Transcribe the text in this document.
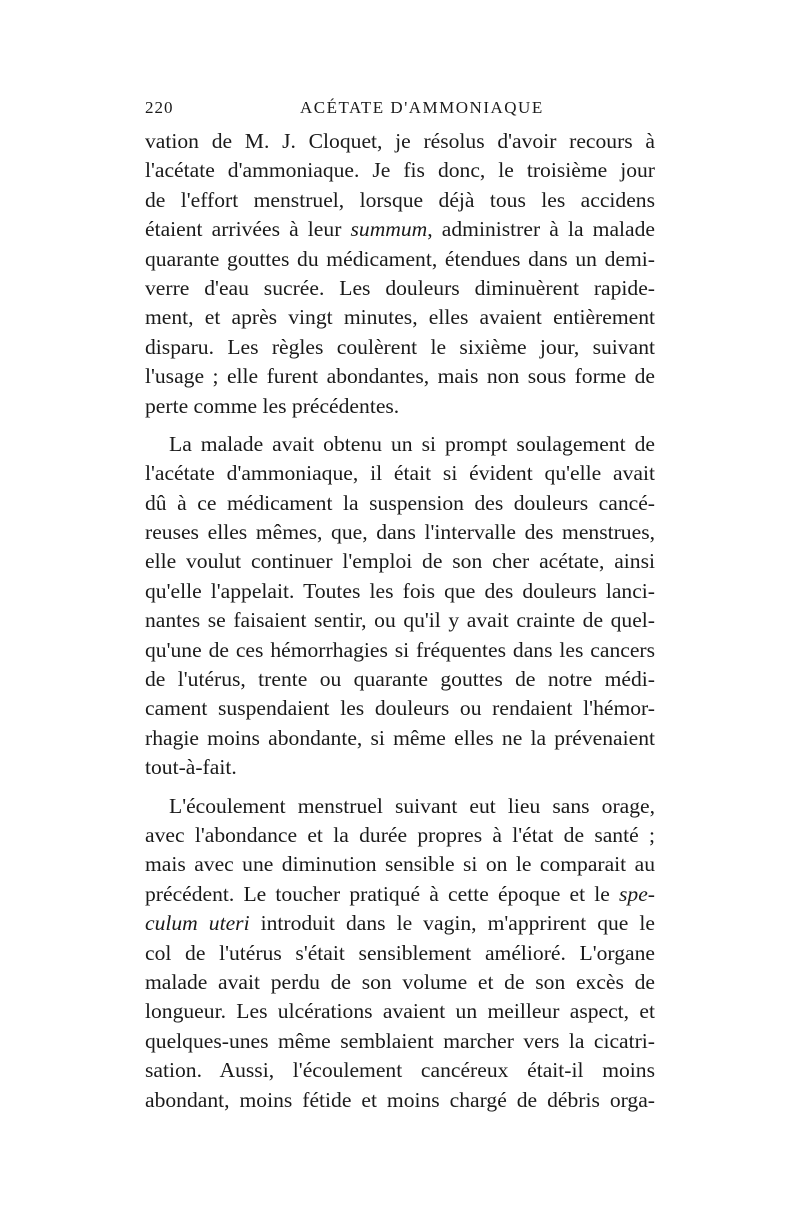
220	ACÉTATE D'AMMONIAQUE
vation de M. J. Cloquet, je résolus d'avoir recours à
l'acétate d'ammoniaque. Je fis donc, le troisième jour
de l'effort menstruel, lorsque déjà tous les accidens
étaient arrivées à leur summum, administrer à la malade
quarante gouttes du médicament, étendues dans un demi-
verre d'eau sucrée. Les douleurs diminuèrent rapide-
ment, et après vingt minutes, elles avaient entièrement
disparu. Les règles coulèrent le sixième jour, suivant
l'usage ; elle furent abondantes, mais non sous forme de
perte comme les précédentes.
La malade avait obtenu un si prompt soulagement de
l'acétate d'ammoniaque, il était si évident qu'elle avait
dû à ce médicament la suspension des douleurs cancé-
reuses elles mêmes, que, dans l'intervalle des menstrues,
elle voulut continuer l'emploi de son cher acétate, ainsi
qu'elle l'appelait. Toutes les fois que des douleurs lanci-
nantes se faisaient sentir, ou qu'il y avait crainte de quel-
qu'une de ces hémorrhagies si fréquentes dans les cancers
de l'utérus, trente ou quarante gouttes de notre médi-
cament suspendaient les douleurs ou rendaient l'hémor-
rhagie moins abondante, si même elles ne la prévenaient
tout-à-fait.
L'écoulement menstruel suivant eut lieu sans orage,
avec l'abondance et la durée propres à l'état de santé ;
mais avec une diminution sensible si on le comparait au
précédent. Le toucher pratiqué à cette époque et le spe-
culum uteri introduit dans le vagin, m'apprirent que le
col de l'utérus s'était sensiblement amélioré. L'organe
malade avait perdu de son volume et de son excès de
longueur. Les ulcérations avaient un meilleur aspect, et
quelques-unes même semblaient marcher vers la cicatri-
sation. Aussi, l'écoulement cancéreux était-il moins
abondant, moins fétide et moins chargé de débris orga-
